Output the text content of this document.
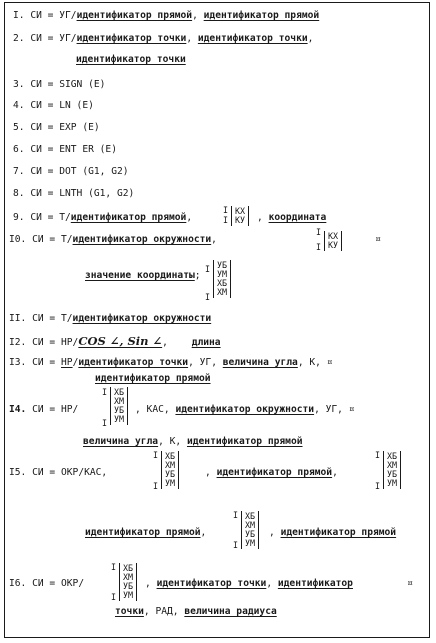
I. СИ = УГ/идентификатор прямой, идентификатор прямой
2. СИ = УГ/идентификатор точки, идентификатор точки,
идентификатор точки
3. СИ = SIGN (E)
4. СИ = LN (E)
5. СИ = EXP (E)
6. СИ = ENT ER (E)
7. СИ = DOT (G1, G2)
8. СИ = LNTH (G1, G2)
9. СИ = Т/идентификатор прямой,
I
I
КХ
КУ , координата
I0. СИ = Т/идентификатор окружности,
I
I
КХ
КУ	¤
значение координаты;
I
I
УБ
УМ
ХБ
ХМ
II. СИ = Т/идентификатор окружности
I2. СИ = НР/COS ∠, Sin ∠, длина
I3. СИ = НР/идентификатор точки, УГ, величина угла, К, ¤
идентификатор прямой
I4. СИ = НР/
I
I
ХБ
ХМ
УБ
УМ
, КАС, идентификатор окружности, УГ, ¤
величина угла, К, идентификатор прямой
I5. СИ = ОКР/КАС,
I
I
ХБ
ХМ
УБ
УМ
, идентификатор прямой,
I
I
ХБ
ХМ
УБ
УМ
идентификатор прямой,
I
I
ХБ
ХМ
УБ
УМ
, идентификатор прямой
I6. СИ = ОКР/
I
I
ХБ
ХМ
УБ
УМ
, идентификатор точки, идентификатор	¤
точки, РАД, величина радиуса
